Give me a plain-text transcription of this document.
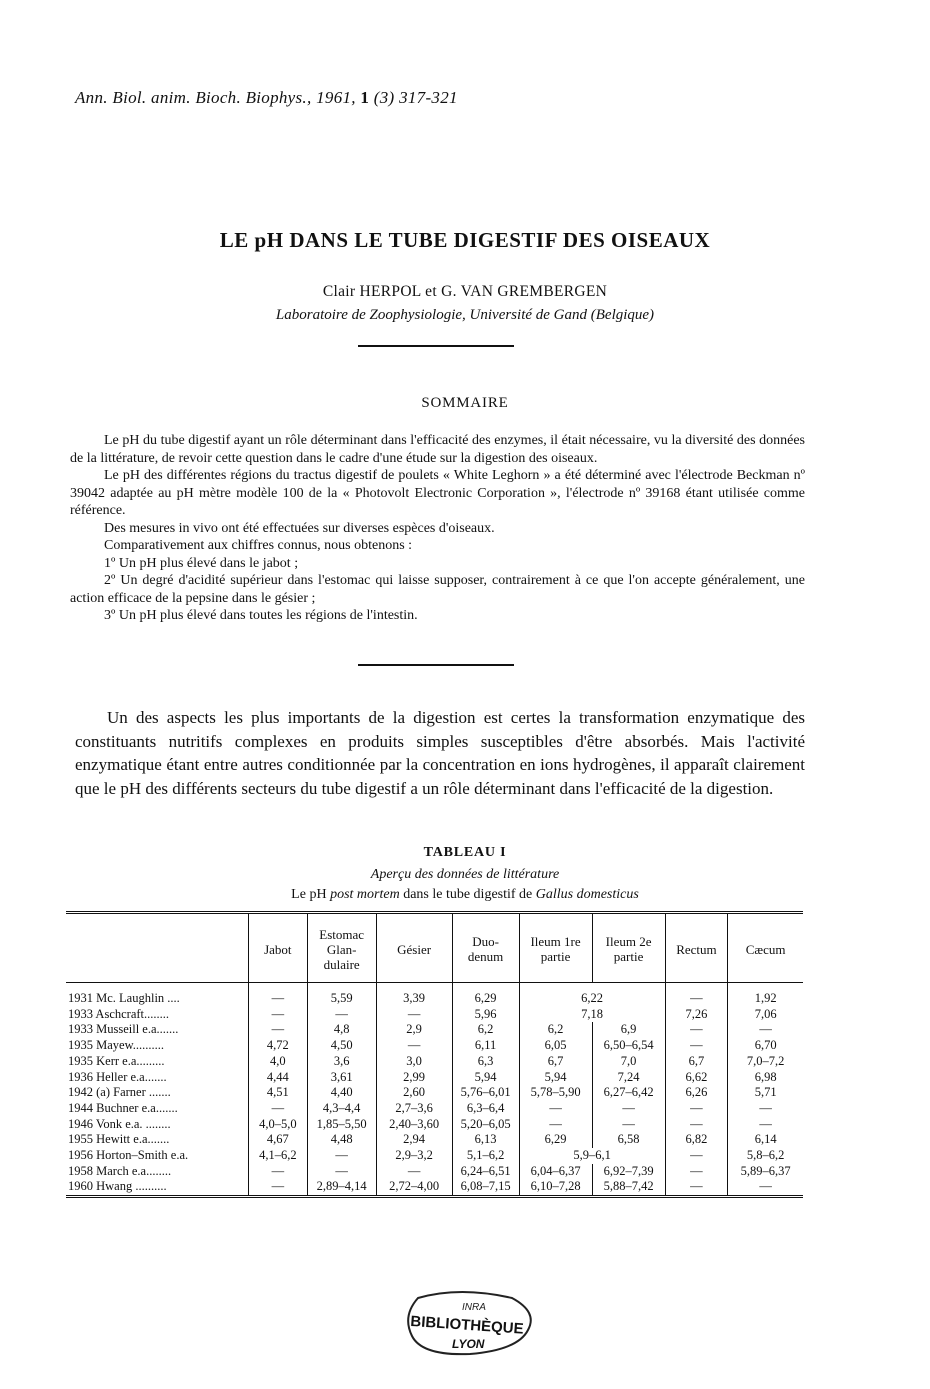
Ann. Biol. anim. Bioch. Biophys., 1961, 1 (3) 317-321
LE pH DANS LE TUBE DIGESTIF DES OISEAUX
Clair HERPOL et G. VAN GREMBERGEN
Laboratoire de Zoophysiologie, Université de Gand (Belgique)
SOMMAIRE

Le pH du tube digestif ayant un rôle déterminant dans l'efficacité des enzymes, il était nécessaire, vu la diversité des données de la littérature, de revoir cette question dans le cadre d'une étude sur la digestion des oiseaux.

Le pH des différentes régions du tractus digestif de poulets « White Leghorn » a été déterminé avec l'électrode Beckman nº 39042 adaptée au pH mètre modèle 100 de la « Photovolt Electronic Corporation », l'électrode nº 39168 étant utilisée comme référence.

Des mesures in vivo ont été effectuées sur diverses espèces d'oiseaux.

Comparativement aux chiffres connus, nous obtenons :

1º Un pH plus élevé dans le jabot ;

2º Un degré d'acidité supérieur dans l'estomac qui laisse supposer, contrairement à ce que l'on accepte généralement, une action efficace de la pepsine dans le gésier ;

3º Un pH plus élevé dans toutes les régions de l'intestin.

Un des aspects les plus importants de la digestion est certes la transformation enzymatique des constituants nutritifs complexes en produits simples susceptibles d'être absorbés. Mais l'activité enzymatique étant entre autres conditionnée par la concentration en ions hydrogènes, il apparaît clairement que le pH des différents secteurs du tube digestif a un rôle déterminant dans l'efficacité de la digestion.

TABLEAU I
Aperçu des données de littérature
Le pH post mortem dans le tube digestif de Gallus domesticus
	Jabot	Estomac Glan-dulaire	Gésier	Duo-denum	Ileum 1re partie	Ileum 2e partie	Rectum	Cæcum
1931 Mc. Laughlin ....	—	5,59	3,39	6,29	6,22		—	1,92
1933 Aschcraft........	—	—	—	5,96	7,18		7,26	7,06
1933 Musseill e.a.......	—	4,8	2,9	6,2	6,2	6,9	—	—
1935 Mayew..........	4,72	4,50	—	6,11	6,05	6,50–6,54	—	6,70
1935 Kerr e.a.........	4,0	3,6	3,0	6,3	6,7	7,0	6,7	7,0–7,2
1936 Heller e.a.......	4,44	3,61	2,99	5,94	5,94	7,24	6,62	6,98
1942 (a) Farner .......	4,51	4,40	2,60	5,76–6,01	5,78–5,90	6,27–6,42	6,26	5,71
1944 Buchner e.a.......	—	4,3–4,4	2,7–3,6	6,3–6,4	—	—	—	—
1946 Vonk e.a. ........	4,0–5,0	1,85–5,50	2,40–3,60	5,20–6,05	—	—	—	—
1955 Hewitt e.a.......	4,67	4,48	2,94	6,13	6,29	6,58	6,82	6,14
1956 Horton–Smith e.a.	4,1–6,2	—	2,9–3,2	5,1–6,2	5,9–6,1		—	5,8–6,2
1958 March e.a........	—	—	—	6,24–6,51	6,04–6,37	6,92–7,39	—	5,89–6,37
1960 Hwang ..........	—	2,89–4,14	2,72–4,00	6,08–7,15	6,10–7,28	5,88–7,42	—	—
INRA
BIBLIOTHÈQUE
LYON
